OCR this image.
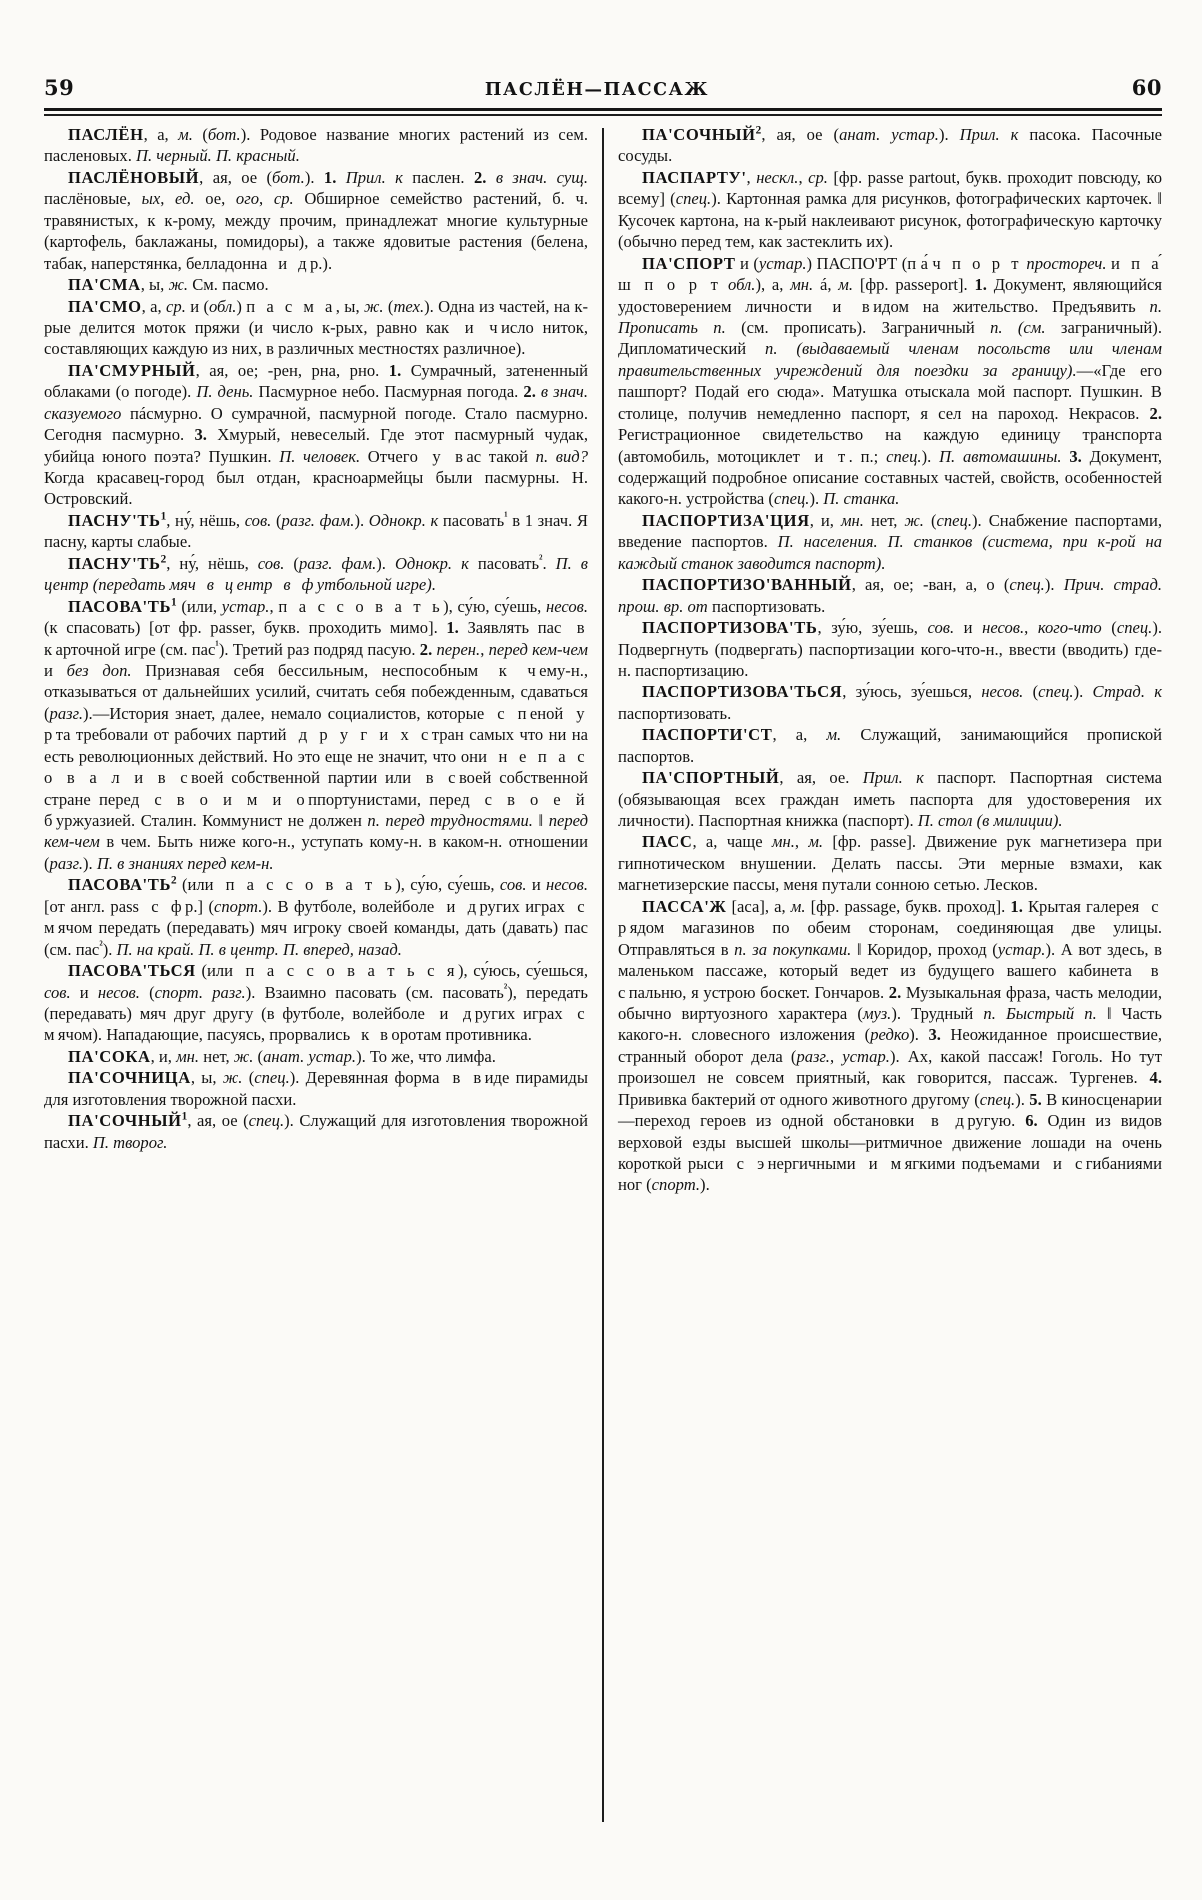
59	ПАСЛЁН—ПАССАЖ	60

ПАСЛЁН, а, м. (бот.). Родовое название многих растений из сем. пасленовых. П. черный. П. красный.

ПАСЛЁНОВЫЙ, ая, ое (бот.). 1. Прил. к паслен. 2. в знач. сущ. паслёновые, ых, ед. ое, ого, ср. Обширное семейство растений, б. ч. травянистых, к к-рому, между прочим, принадлежат многие культурные (картофель, баклажаны, помидоры), а также ядовитые растения (белена, табак, наперстянка, белладонна и др.).

ПА'СМА, ы, ж. См. пасмо.

ПА'СМО, а, ср. и (обл.) п а с м а, ы, ж. (тех.). Одна из частей, на к-рые делится моток пряжи (и число к-рых, равно как и число ниток, составляющих каждую из них, в различных местностях различное).

ПА'СМУРНЫЙ, ая, ое; -рен, рна, рно. 1. Сумрачный, затененный облаками (о погоде). П. день. Пасмурное небо. Пасмурная погода. 2. в знач. сказуемого пáсмурно. О сумрачной, пасмурной погоде. Стало пасмурно. Сегодня пасмурно. 3. Хмурый, невеселый. Где этот пасмурный чудак, убийца юного поэта? Пушкин. П. человек. Отчего у вас такой п. вид? Когда красавец-город был отдан, красноармейцы были пасмурны. Н. Островский.

$ПАСНУ'ТЬ^1$, ну́, нёшь, сов. (разг. фам.). Однокр. к пасовать$^{^1}$ в 1 знач. Я пасну, карты слабые.

$ПАСНУ'ТЬ^2$, ну́, нёшь, сов. (разг. фам.). Однокр. к пасовать$^{^2}$. П. в центр (передать мяч в центр в футбольной игре).

$ПАСОВА'ТЬ^1$ (или, устар., п а с с о в а т ь), су́ю, су́ешь, несов. (к спасовать) [от фр. passer, букв. проходить мимо]. 1. Заявлять пас в карточной игре (см. пас$^{^1}$). Третий раз подряд пасую. 2. перен., перед кем-чем и без доп. Признавая себя бессильным, неспособным к чему-н., отказываться от дальнейших усилий, считать себя побежденным, сдаваться (разг.).—История знает, далее, немало социалистов, которые с пеной у рта требовали от рабочих партий д р у г и х стран самых что ни на есть революционных действий. Но это еще не значит, что они н е п а с о в а л и в своей собственной партии или в своей собственной стране перед с в о и м и оппортунистами, перед с в о е й буржуазией. Сталин. Коммунист не должен п. перед трудностями. ‖ перед кем-чем в чем. Быть ниже кого-н., уступать кому-н. в каком-н. отношении (разг.). П. в знаниях перед кем-н.

$ПАСОВА'ТЬ^2$ (или п а с с о в а т ь), су́ю, су́ешь, сов. и несов. [от англ. pass с фр.] (спорт.). В футболе, волейболе и других играх с мячом передать (передавать) мяч игроку своей команды, дать (давать) пас (см. пас$^{^2}$). П. на край. П. в центр. П. вперед, назад.

ПАСОВА'ТЬСЯ (или п а с с о в а т ь с я), су́юсь, су́ешься, сов. и несов. (спорт. разг.). Взаимно пасовать (см. пасовать$^{^2}$), передать (передавать) мяч друг другу (в футболе, волейболе и других играх с мячом). Нападающие, пасуясь, прорвались к воротам противника.

ПА'СОКА, и, мн. нет, ж. (анат. устар.). То же, что лимфа.

ПА'СОЧНИЦА, ы, ж. (спец.). Деревянная форма в виде пирамиды для изготовления творожной пасхи.

ПА'СОЧНЫЙ$^1$, ая, ое (спец.). Служащий для изготовления творожной пасхи. П. творог.

ПА'СОЧНЫЙ$^2$, ая, ое (анат. устар.). Прил. к пасока. Пасочные сосуды.

ПАСПАРТУ', нескл., ср. [фр. passe partout, букв. проходит повсюду, ко всему] (спец.). Картонная рамка для рисунков, фотографических карточек. ‖ Кусочек картона, на к-рый наклеивают рисунок, фотографическую карточку (обычно перед тем, как застеклить их).

ПА'СПОРТ и (устар.) ПАСПО'РТ (п а́ ч п о р т простореч. и п аш п о р т обл.), а, мн. á, м. [фр. passeport]. 1. Документ, являющийся удостоверением личности и видом на жительство. Предъявить п. Прописать п. (см. прописать). Заграничный п. (см. заграничный). Дипломатический п. (выдаваемый членам посольств или членам правительственных учреждений для поездки за границу).—«Где его пашпорт? Подай его сюда». Матушка отыскала мой паспорт. Пушкин. В столице, получив немедленно паспорт, я сел на пароход. Некрасов. 2. Регистрационное свидетельство на каждую единицу транспорта (автомобиль, мотоциклет и т. п.; спец.). П. автомашины. 3. Документ, содержащий подробное описание составных частей, свойств, особенностей какого-н. устройства (спец.). П. станка.

ПАСПОРТИЗА'ЦИЯ, и, мн. нет, ж. (спец.). Снабжение паспортами, введение паспортов. П. населения. П. станков (система, при к-рой на каждый станок заводится паспорт).

ПАСПОРТИЗО'ВАННЫЙ, ая, ое; -ван, а, о (спец.). Прич. страд. прош. вр. от паспортизовать.

ПАСПОРТИЗОВА'ТЬ, зу́ю, зу́ешь, сов. и несов., кого-что (спец.). Подвергнуть (подвергать) паспортизации кого-что-н., ввести (вводить) где-н. паспортизацию.

ПАСПОРТИЗОВА'ТЬСЯ, зу́юсь, зу́ешься, несов. (спец.). Страд. к паспортизовать.

ПАСПОРТИ'СТ, а, м. Служащий, занимающийся пропиской паспортов.

ПА'СПОРТНЫЙ, ая, ое. Прил. к паспорт. Паспортная система (обязывающая всех граждан иметь паспорта для удостоверения их личности). Паспортная книжка (паспорт). П. стол (в милиции).

ПАСС, а, чаще мн., м. [фр. passe]. Движение рук магнетизера при гипнотическом внушении. Делать пассы. Эти мерные взмахи, как магнетизерские пассы, меня путали сонною сетью. Лесков.

ПАССА'Ж [аса], а, м. [фр. passage, букв. проход]. 1. Крытая галерея с рядом магазинов по обеим сторонам, соединяющая две улицы. Отправляться в п. за покупками. ‖ Коридор, проход (устар.). А вот здесь, в маленьком пассаже, который ведет из будущего вашего кабинета в спальню, я устрою боскет. Гончаров. 2. Музыкальная фраза, часть мелодии, обычно виртуозного характера (муз.). Трудный п. Быстрый п. ‖ Часть какого-н. словесного изложения (редко). 3. Неожиданное происшествие, странный оборот дела (разг., устар.). Ах, какой пассаж! Гоголь. Но тут произошел не совсем приятный, как говорится, пассаж. Тургенев. 4. Прививка бактерий от одного животного другому (спец.). 5. В киносценарии—переход героев из одной обстановки в другую. 6. Один из видов верховой езды высшей школы—ритмичное движение лошади на очень короткой рыси с энергичными и мягкими подъемами и сгибаниями ног (спорт.).
